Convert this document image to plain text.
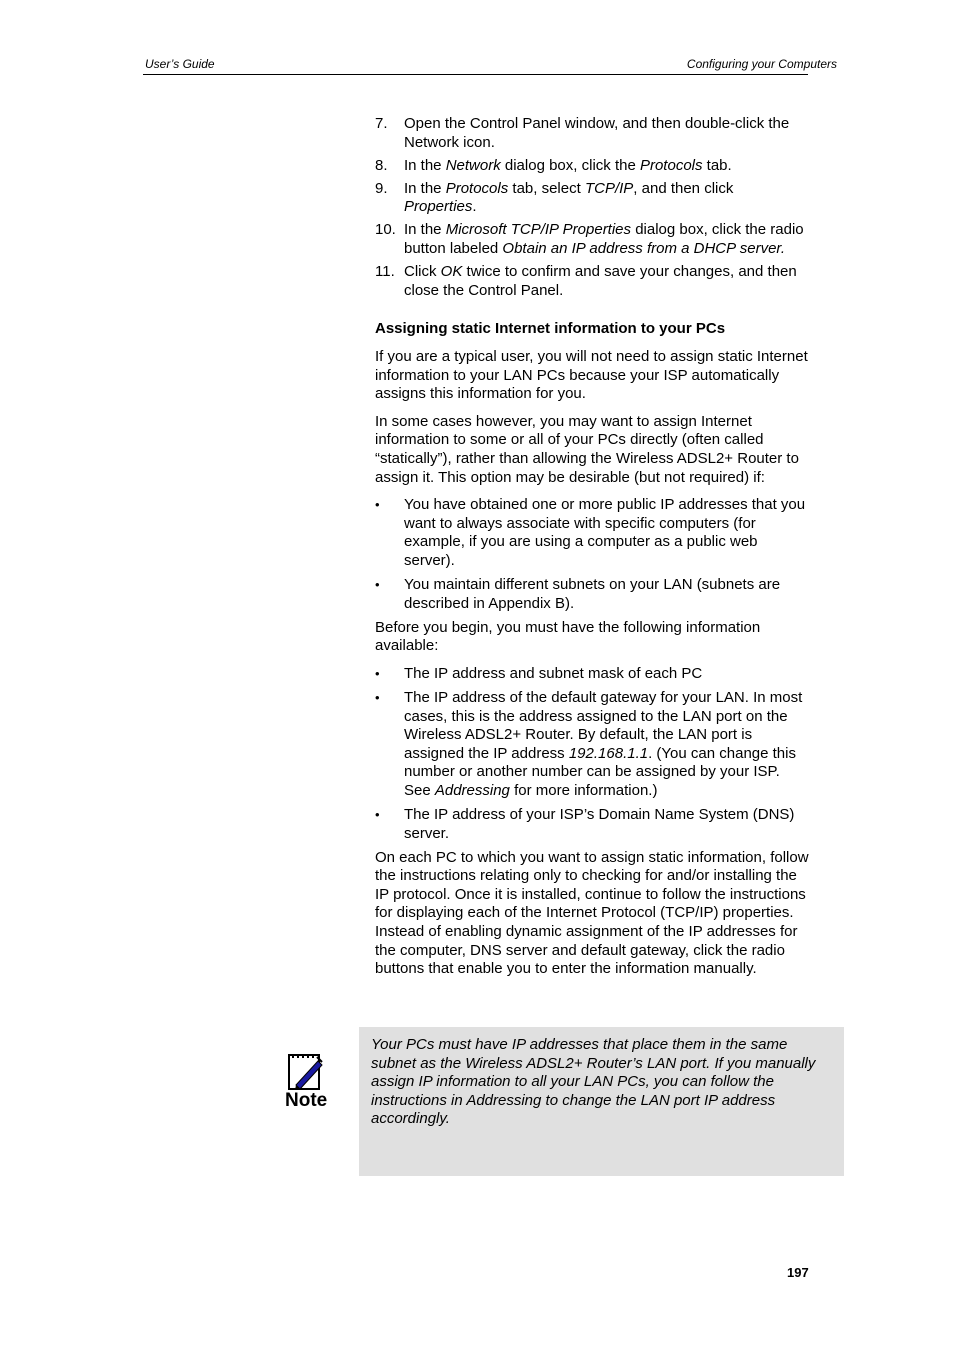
User’s Guide	Configuring your Computers
7.	Open the Control Panel window, and then double-click the Network icon.
8.	In the Network dialog box, click the Protocols tab.
9.	In the Protocols tab, select TCP/IP, and then click Properties.
10. In the Microsoft TCP/IP Properties dialog box, click the radio button labeled Obtain an IP address from a DHCP server.
11. Click OK twice to confirm and save your changes, and then close the Control Panel.
Assigning static Internet information to your PCs

If you are a typical user, you will not need to assign static Internet information to your LAN PCs because your ISP automatically assigns this information for you.

In some cases however, you may want to assign Internet information to some or all of your PCs directly (often called “statically”), rather than allowing the Wireless ADSL2+ Router to assign it. This option may be desirable (but not required) if:

•	You have obtained one or more public IP addresses that you want to always associate with specific computers (for example, if you are using a computer as a public web server).
•	You maintain different subnets on your LAN (subnets are described in Appendix B).

Before you begin, you must have the following information available:

•	The IP address and subnet mask of each PC
•	The IP address of the default gateway for your LAN. In most cases, this is the address assigned to the LAN port on the Wireless ADSL2+ Router. By default, the LAN port is assigned the IP address 192.168.1.1. (You can change this number or another number can be assigned by your ISP. See Addressing for more information.)
•	The IP address of your ISP’s Domain Name System (DNS) server.

On each PC to which you want to assign static information, follow the instructions relating only to checking for and/or installing the IP protocol. Once it is installed, continue to follow the instructions for displaying each of the Internet Protocol (TCP/IP) properties. Instead of enabling dynamic assignment of the IP addresses for the computer, DNS server and default gateway, click the radio buttons that enable you to enter the information manually.

Note
Your PCs must have IP addresses that place them in the same subnet as the Wireless ADSL2+ Router’s LAN port. If you manually assign IP information to all your LAN PCs, you can follow the instructions in Addressing to change the LAN port IP address accordingly.
197
